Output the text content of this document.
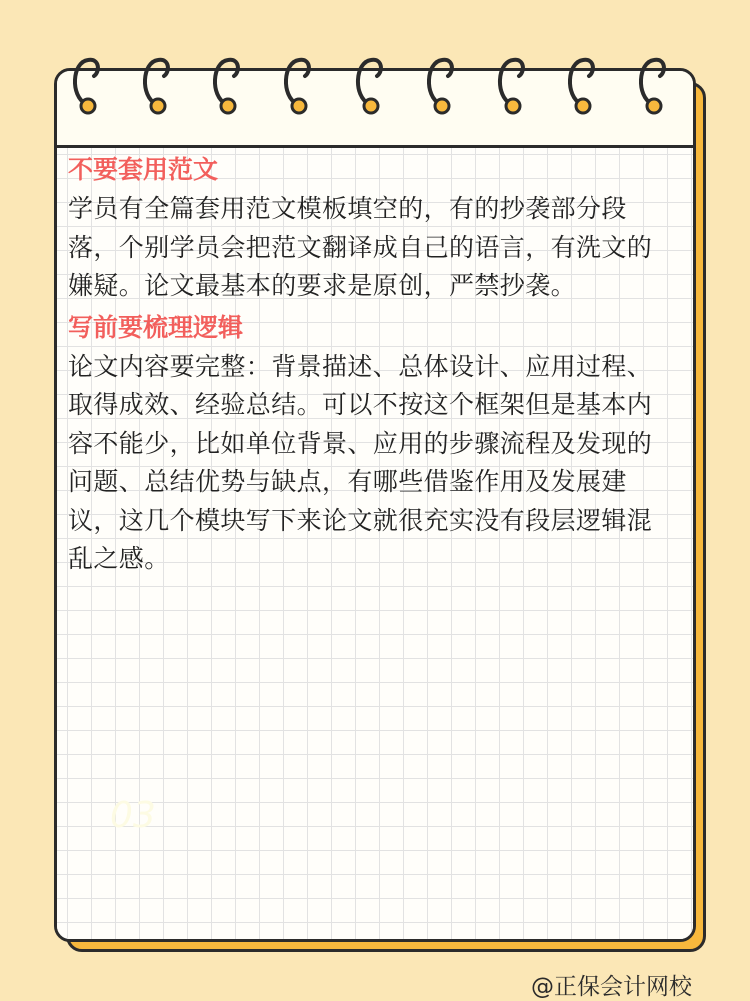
不要套用范文

学员有全篇套用范文模板填空的，有的抄袭部分段落，个别学员会把范文翻译成自己的语言，有洗文的嫌疑。论文最基本的要求是原创，严禁抄袭。

写前要梳理逻辑

论文内容要完整：背景描述、总体设计、应用过程、取得成效、经验总结。可以不按这个框架但是基本内容不能少，比如单位背景、应用的步骤流程及发现的问题、总结优势与缺点，有哪些借鉴作用及发展建议，这几个模块写下来论文就很充实没有段层逻辑混乱之感。

03
@正保会计网校
